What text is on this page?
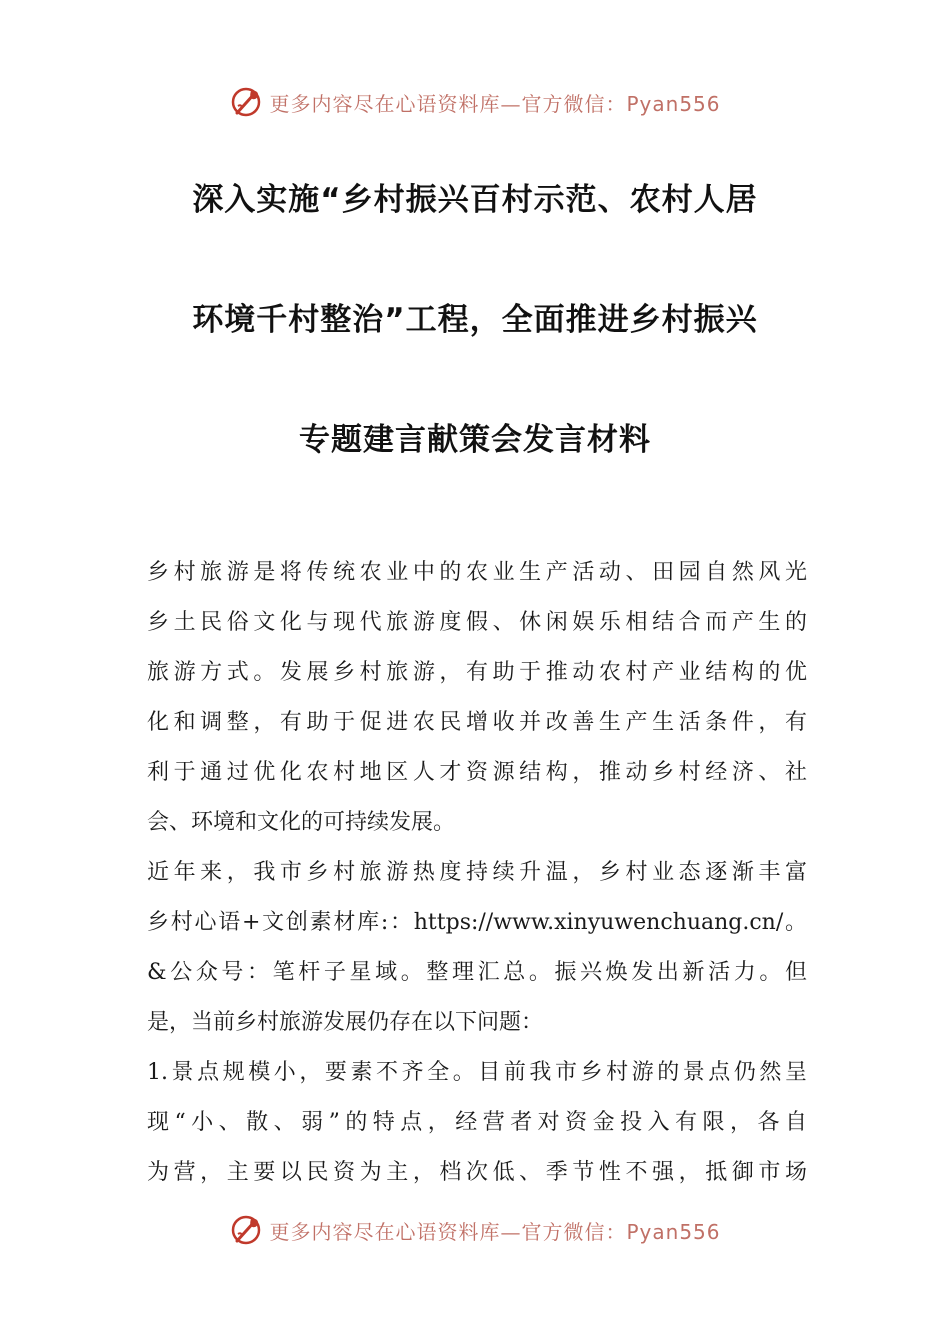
更多内容尽在心语资料库—官方微信：Pyan556
深入实施“乡村振兴百村示范、农村人居
环境千村整治”工程，全面推进乡村振兴
专题建言献策会发言材料
乡村旅游是将传统农业中的农业生产活动、田园自然风光
乡土民俗文化与现代旅游度假、休闲娱乐相结合而产生的
旅游方式。发展乡村旅游，有助于推动农村产业结构的优
化和调整，有助于促进农民增收并改善生产生活条件，有
利于通过优化农村地区人才资源结构，推动乡村经济、社
会、环境和文化的可持续发展。
近年来，我市乡村旅游热度持续升温，乡村业态逐渐丰富
乡村心语+文创素材库:：https://www.xinyuwenchuang.cn/。
&公众号：笔杆子星域。整理汇总。振兴焕发出新活力。但
是，当前乡村旅游发展仍存在以下问题：
1.景点规模小，要素不齐全。目前我市乡村游的景点仍然呈
现“小、散、弱”的特点，经营者对资金投入有限，各自
为营，主要以民资为主，档次低、季节性不强，抵御市场
更多内容尽在心语资料库—官方微信：Pyan556
